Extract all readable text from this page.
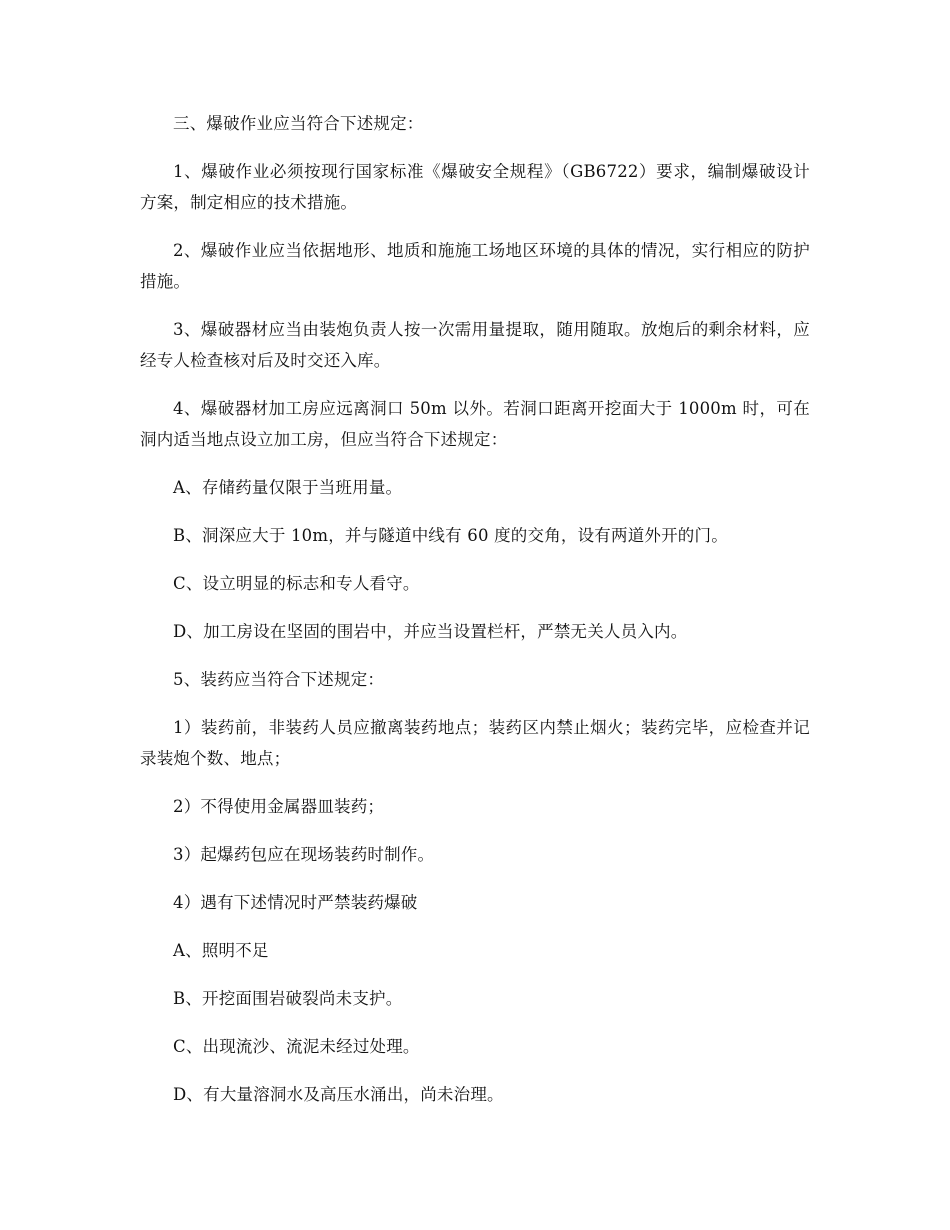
三、爆破作业应当符合下述规定：

1、爆破作业必须按现行国家标准《爆破安全规程》（GB6722）要求，编制爆破设计方案，制定相应的技术措施。

2、爆破作业应当依据地形、地质和施施工场地区环境的具体的情况，实行相应的防护措施。

3、爆破器材应当由装炮负责人按一次需用量提取，随用随取。放炮后的剩余材料，应经专人检查核对后及时交还入库。

4、爆破器材加工房应远离洞口 50m 以外。若洞口距离开挖面大于 1000m 时，可在洞内适当地点设立加工房，但应当符合下述规定：

A、存储药量仅限于当班用量。

B、洞深应大于 10m，并与隧道中线有 60 度的交角，设有两道外开的门。

C、设立明显的标志和专人看守。

D、加工房设在坚固的围岩中，并应当设置栏杆，严禁无关人员入内。

5、装药应当符合下述规定：

1）装药前，非装药人员应撤离装药地点；装药区内禁止烟火；装药完毕，应检查并记录装炮个数、地点；

2）不得使用金属器皿装药；

3）起爆药包应在现场装药时制作。

4）遇有下述情况时严禁装药爆破

A、照明不足

B、开挖面围岩破裂尚未支护。

C、出现流沙、流泥未经过处理。

D、有大量溶洞水及高压水涌出，尚未治理。
